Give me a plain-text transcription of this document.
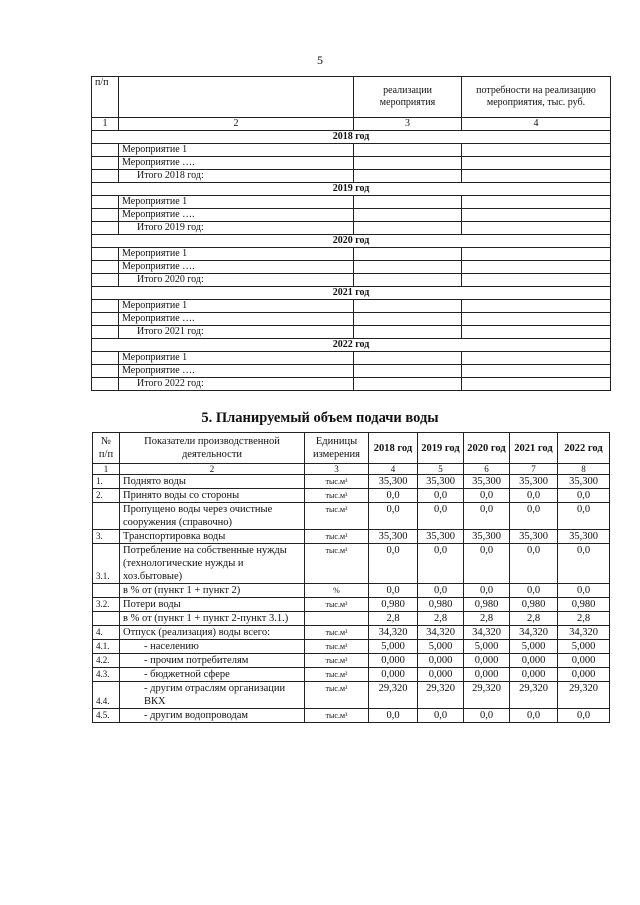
5
п/п		реализации мероприятия	потребности на реализацию мероприятия, тыс. руб.
1	2	3	4
2018 год			
	Мероприятие 1		
	Мероприятие ….		
	Итого 2018 год:		
2019 год			
	Мероприятие 1		
	Мероприятие ….		
	Итого 2019 год:		
2020 год			
	Мероприятие 1		
	Мероприятие ….		
	Итого 2020 год:		
2021 год			
	Мероприятие 1		
	Мероприятие ….		
	Итого 2021 год:		
2022 год			
	Мероприятие 1		
	Мероприятие ….		
	Итого 2022 год:		
5. Планируемый объем подачи воды
№ п/п	Показатели производственной деятельности	Единицы измерения	2018 год	2019 год	2020 год	2021 год	2022 год
1	2	3	4	5	6	7	8
1.	Поднято воды	тыс.м³	35,300	35,300	35,300	35,300	35,300
2.	Принято воды со стороны	тыс.м³	0,0	0,0	0,0	0,0	0,0
	Пропущено воды через очистные сооружения (справочно)	тыс.м³	0,0	0,0	0,0	0,0	0,0
3.	Транспортировка воды	тыс.м³	35,300	35,300	35,300	35,300	35,300
3.1.	Потребление на собственные нужды (технологические нужды и хоз.бытовые)	тыс.м³	0,0	0,0	0,0	0,0	0,0
	в % от (пункт 1 + пункт 2)	%	0,0	0,0	0,0	0,0	0,0
3.2.	Потери воды	тыс.м³	0,980	0,980	0,980	0,980	0,980
	в % от (пункт 1 + пункт 2-пункт 3.1.)		2,8	2,8	2,8	2,8	2,8
4.	Отпуск (реализация) воды всего:	тыс.м³	34,320	34,320	34,320	34,320	34,320
4.1.	- населению	тыс.м³	5,000	5,000	5,000	5,000	5,000
4.2.	- прочим потребителям	тыс.м³	0,000	0,000	0,000	0,000	0,000
4.3.	- бюджетной сфере	тыс.м³	0,000	0,000	0,000	0,000	0,000
4.4.	- другим отраслям организации ВКХ	тыс.м³	29,320	29,320	29,320	29,320	29,320
4.5.	- другим водопроводам	тыс.м³	0,0	0,0	0,0	0,0	0,0
